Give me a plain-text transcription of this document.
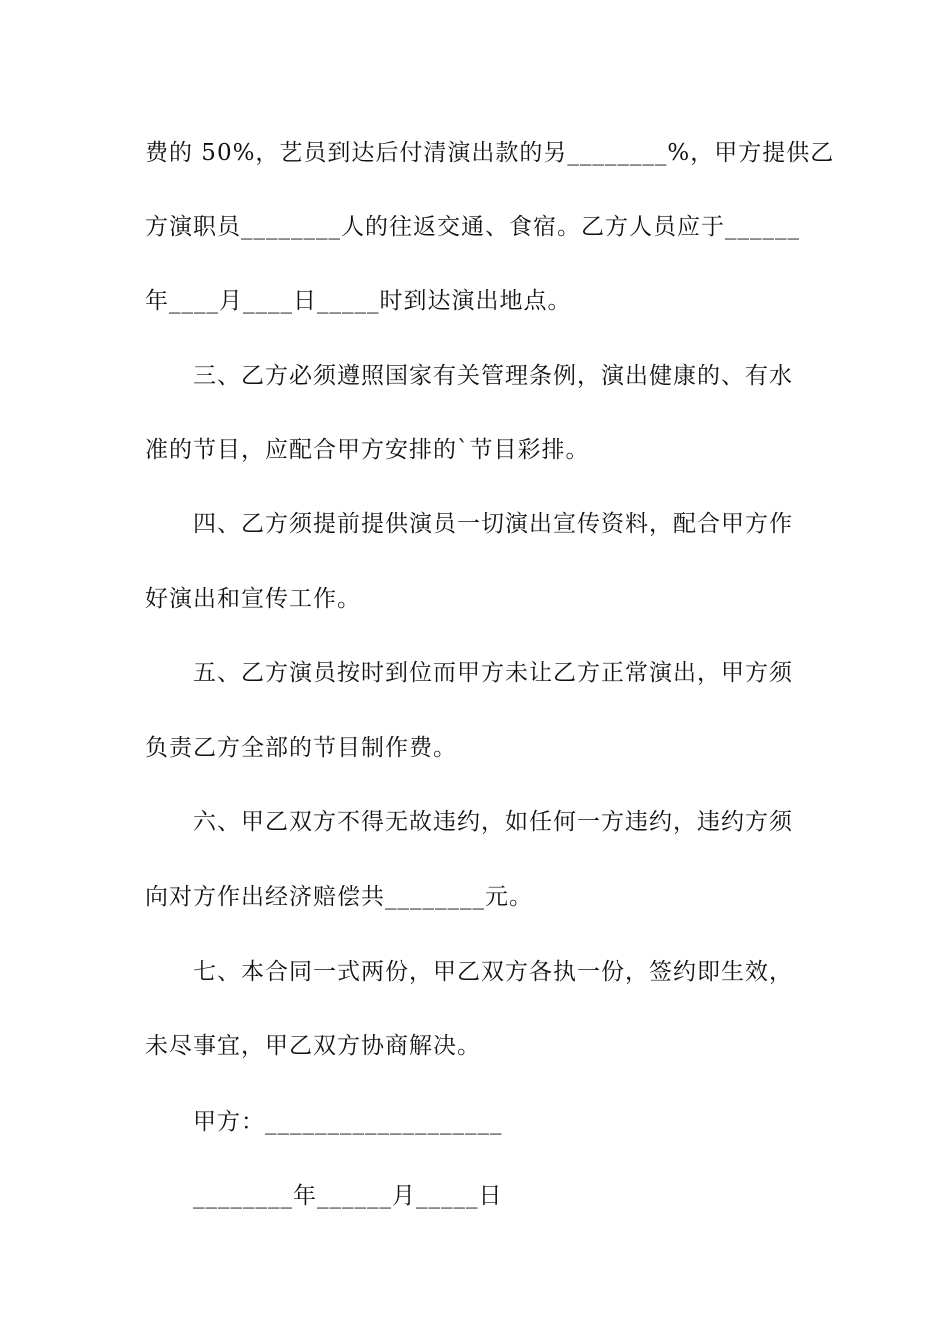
费的 50%，艺员到达后付清演出款的另________%，甲方提供乙
方演职员________人的往返交通、食宿。乙方人员应于______
年____月____日_____时到达演出地点。
三、乙方必须遵照国家有关管理条例，演出健康的、有水
准的节目，应配合甲方安排的`节目彩排。
四、乙方须提前提供演员一切演出宣传资料，配合甲方作
好演出和宣传工作。
五、乙方演员按时到位而甲方未让乙方正常演出，甲方须
负责乙方全部的节目制作费。
六、甲乙双方不得无故违约，如任何一方违约，违约方须
向对方作出经济赔偿共________元。
七、本合同一式两份，甲乙双方各执一份，签约即生效，
未尽事宜，甲乙双方协商解决。
甲方：___________________
________年______月_____日
